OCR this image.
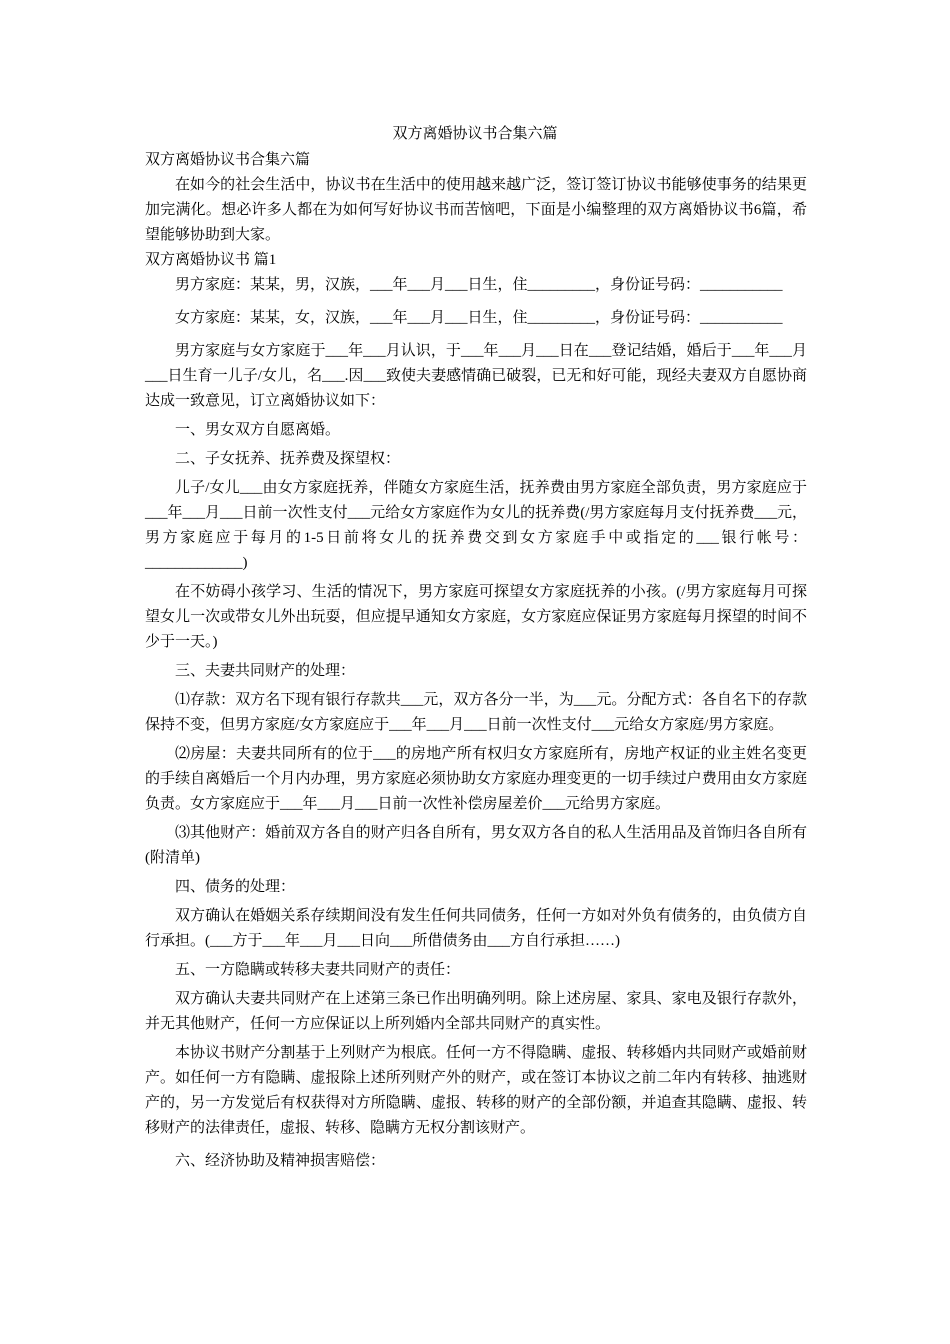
双方离婚协议书合集六篇

双方离婚协议书合集六篇

在如今的社会生活中，协议书在生活中的使用越来越广泛，签订签订协议书能够使事务的结果更加完满化。想必许多人都在为如何写好协议书而苦恼吧，下面是小编整理的双方离婚协议书6篇，希望能够协助到大家。

双方离婚协议书 篇1

男方家庭：某某，男，汉族，___年___月___日生，住_________，身份证号码：___________

女方家庭：某某，女，汉族，___年___月___日生，住_________，身份证号码：___________

男方家庭与女方家庭于___年___月认识，于___年___月___日在___登记结婚，婚后于___年___月___日生育一儿子/女儿，名___.因___致使夫妻感情确已破裂，已无和好可能，现经夫妻双方自愿协商达成一致意见，订立离婚协议如下：

一、男女双方自愿离婚。

二、子女抚养、抚养费及探望权：

儿子/女儿___由女方家庭抚养，伴随女方家庭生活，抚养费由男方家庭全部负责，男方家庭应于___年___月___日前一次性支付___元给女方家庭作为女儿的抚养费(/男方家庭每月支付抚养费___元，男方家庭应于每月的1-5日前将女儿的抚养费交到女方家庭手中或指定的___银行帐号：_____________)

在不妨碍小孩学习、生活的情况下，男方家庭可探望女方家庭抚养的小孩。(/男方家庭每月可探望女儿一次或带女儿外出玩耍，但应提早通知女方家庭，女方家庭应保证男方家庭每月探望的时间不少于一天。)

三、夫妻共同财产的处理：

⑴存款：双方名下现有银行存款共___元，双方各分一半，为___元。分配方式：各自名下的存款保持不变，但男方家庭/女方家庭应于___年___月___日前一次性支付___元给女方家庭/男方家庭。

⑵房屋：夫妻共同所有的位于___的房地产所有权归女方家庭所有，房地产权证的业主姓名变更的手续自离婚后一个月内办理，男方家庭必须协助女方家庭办理变更的一切手续过户费用由女方家庭负责。女方家庭应于___年___月___日前一次性补偿房屋差价___元给男方家庭。

⑶其他财产：婚前双方各自的财产归各自所有，男女双方各自的私人生活用品及首饰归各自所有(附清单)

四、债务的处理：

双方确认在婚姻关系存续期间没有发生任何共同债务，任何一方如对外负有债务的，由负债方自行承担。(___方于___年___月___日向___所借债务由___方自行承担……)

五、一方隐瞒或转移夫妻共同财产的责任：

双方确认夫妻共同财产在上述第三条已作出明确列明。除上述房屋、家具、家电及银行存款外，并无其他财产，任何一方应保证以上所列婚内全部共同财产的真实性。

本协议书财产分割基于上列财产为根底。任何一方不得隐瞒、虚报、转移婚内共同财产或婚前财产。如任何一方有隐瞒、虚报除上述所列财产外的财产，或在签订本协议之前二年内有转移、抽逃财产的，另一方发觉后有权获得对方所隐瞒、虚报、转移的财产的全部份额，并追查其隐瞒、虚报、转移财产的法律责任，虚报、转移、隐瞒方无权分割该财产。

六、经济协助及精神损害赔偿：
